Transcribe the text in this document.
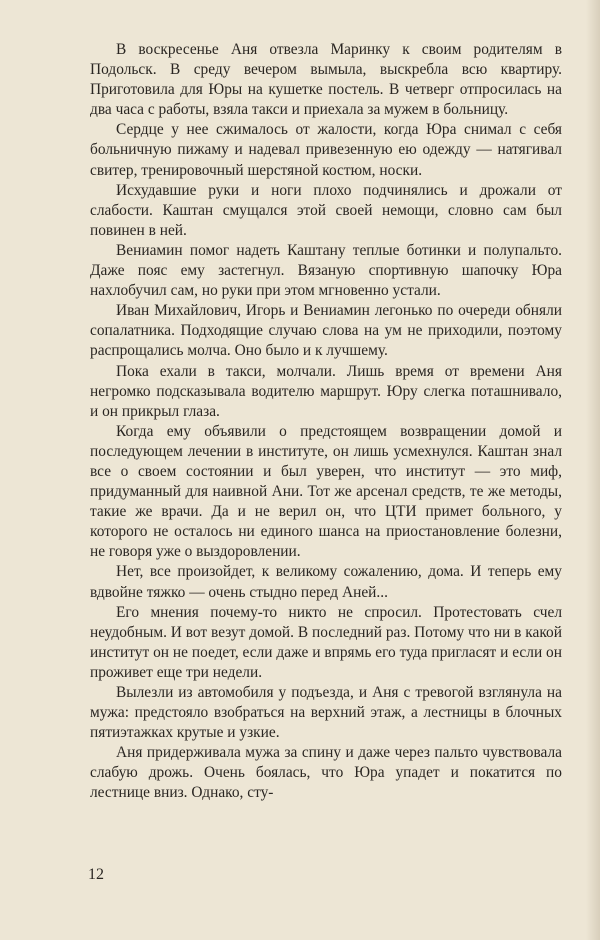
В воскресенье Аня отвезла Маринку к своим родителям в Подольск. В среду вечером вымыла, выскребла всю квартиру. Приготовила для Юры на кушетке постель. В четверг отпросилась на два часа с работы, взяла такси и приехала за мужем в больницу.

Сердце у нее сжималось от жалости, когда Юра снимал с себя больничную пижаму и надевал привезенную ею одежду — натягивал свитер, тренировочный шерстяной костюм, носки.

Исхудавшие руки и ноги плохо подчинялись и дрожали от слабости. Каштан смущался этой своей немощи, словно сам был повинен в ней.

Вениамин помог надеть Каштану теплые ботинки и полупальто. Даже пояс ему застегнул. Вязаную спортивную шапочку Юра нахлобучил сам, но руки при этом мгновенно устали.

Иван Михайлович, Игорь и Вениамин легонько по очереди обняли сопалатника. Подходящие случаю слова на ум не приходили, поэтому распрощались молча. Оно было и к лучшему.

Пока ехали в такси, молчали. Лишь время от времени Аня негромко подсказывала водителю маршрут. Юру слегка поташнивало, и он прикрыл глаза.

Когда ему объявили о предстоящем возвращении домой и последующем лечении в институте, он лишь усмехнулся. Каштан знал все о своем состоянии и был уверен, что институт — это миф, придуманный для наивной Ани. Тот же арсенал средств, те же методы, такие же врачи. Да и не верил он, что ЦТИ примет больного, у которого не осталось ни единого шанса на приостановление болезни, не говоря уже о выздоровлении.

Нет, все произойдет, к великому сожалению, дома. И теперь ему вдвойне тяжко — очень стыдно перед Аней...

Его мнения почему-то никто не спросил. Протестовать счел неудобным. И вот везут домой. В последний раз. Потому что ни в какой институт он не поедет, если даже и впрямь его туда пригласят и если он проживет еще три недели.

Вылезли из автомобиля у подъезда, и Аня с тревогой взглянула на мужа: предстояло взобраться на верхний этаж, а лестницы в блочных пятиэтажках крутые и узкие.

Аня придерживала мужа за спину и даже через пальто чувствовала слабую дрожь. Очень боялась, что Юра упадет и покатится по лестнице вниз. Однако, сту-

12
